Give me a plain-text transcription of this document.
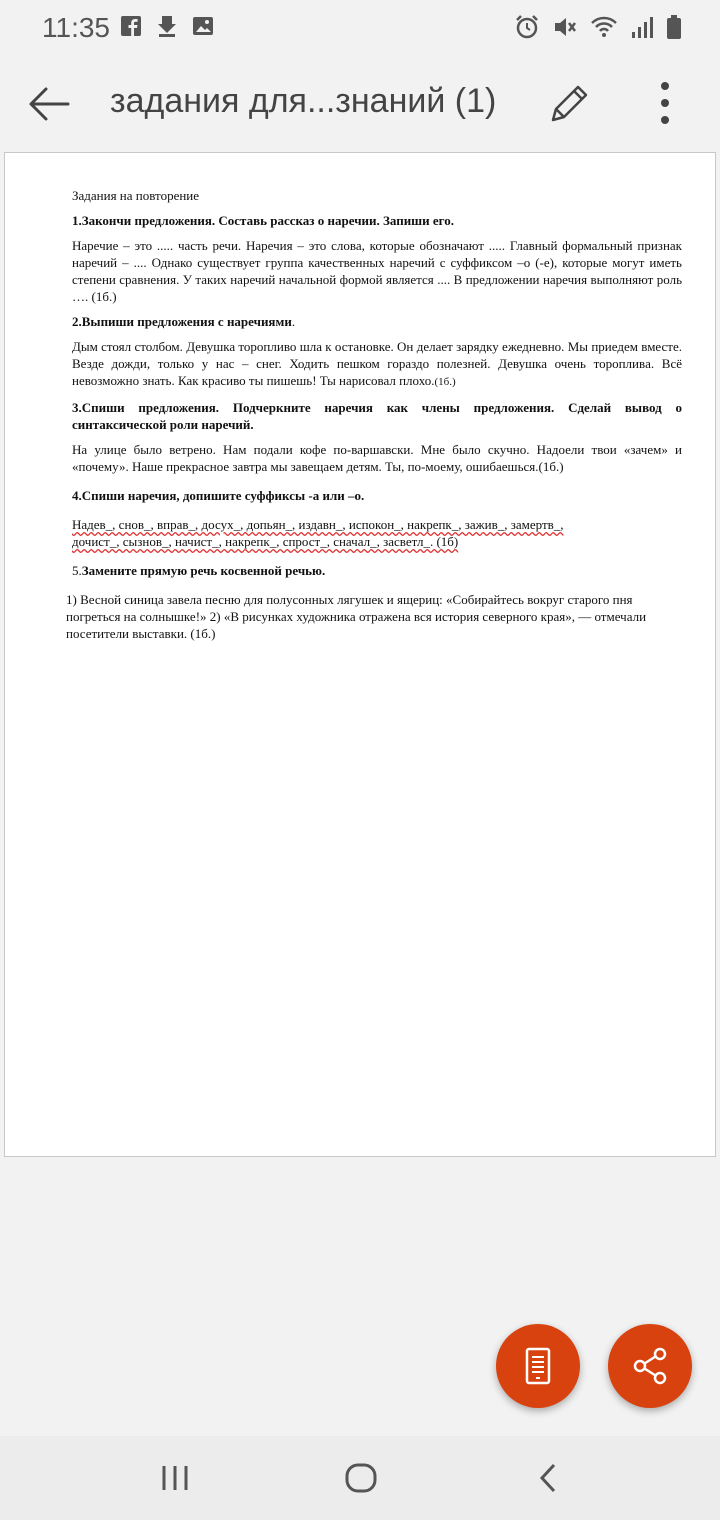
11:35
задания для...знаний (1)

Задания на повторение

1.Закончи предложения. Составь рассказ о наречии. Запиши его.

Наречие – это ..... часть речи. Наречия – это слова, которые обозначают ..... Главный формальный признак наречий – .... Однако существует группа качественных наречий с суффиксом –о (-е), которые могут иметь степени сравнения. У таких наречий начальной формой является .... В предложении наречия выполняют роль …. (1б.)

2.Выпиши предложения с наречиями.

Дым стоял столбом. Девушка торопливо шла к остановке. Он делает зарядку ежедневно. Мы приедем вместе. Везде дожди, только у нас – снег. Ходить пешком гораздо полезней. Девушка очень торопливa. Всё невозможно знать. Как красиво ты пишешь! Ты нарисовал плохо.(1б.)

3.Спиши предложения. Подчеркните наречия как члены предложения. Сделай вывод о синтаксической роли наречий.

На улице было ветрено. Нам подали кофе по-варшавски. Мне было скучно. Надоели твои «зачем» и «почему». Наше прекрасное завтра мы завещаем детям. Ты, по-моему, ошибаешься.(1б.)

4.Спиши наречия, допишите суффиксы -а или –о.

Надев_, снов_, вправ_, досух_, допьян_, издавн_, испокон_, накрепк_, зажив_, замертв_,
дочист_, сызнов_, начист_, накрепк_, спрост_, сначал_, засветл_. (1б)

5.Замените прямую речь косвенной речью.

1) Весной синица завела песню для полусонных лягушек и ящериц: «Собирайтесь вокруг старого пня погреться на солнышке!» 2) «В рисунках художника отражена вся история северного края», — отмечали посетители выставки. (1б.)
